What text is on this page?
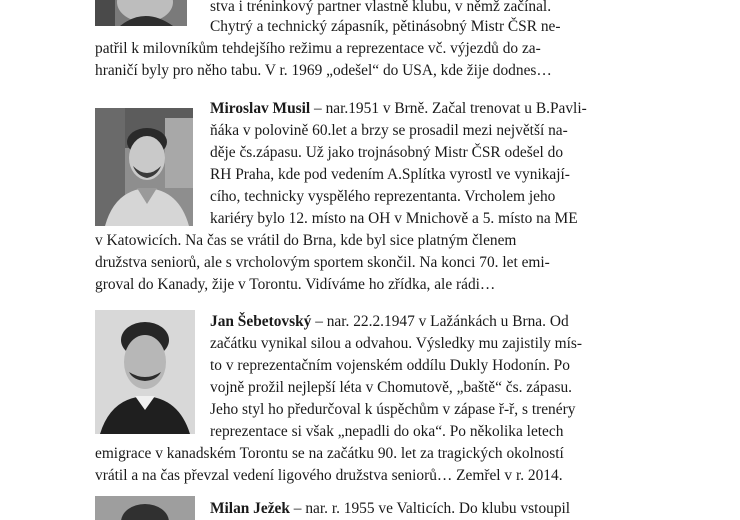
stva i tréninkový partner vlastně klubu, v němž začínal.
Chytrý a technický zápasník, pětinásobný Mistr ČSR ne-
patřil k milovníkům tehdejšího režimu a reprezentace vč. výjezdů do za-
hraničí byly pro něho tabu. V r. 1969 „odešel“ do USA, kde žije dodnes…
Miroslav Musil – nar.1951 v Brně. Začal trenovat u B.Pavli-
ňáka v polovině 60.let a brzy se prosadil mezi největší na-
děje čs.zápasu. Už jako trojnásobný Mistr ČSR odešel do
RH Praha, kde pod vedením A.Splítka vyrostl ve vynikají-
cího, technicky vyspělého reprezentanta. Vrcholem jeho
kariéry bylo 12. místo na OH v Mnichově a 5. místo na ME
v Katowicích. Na čas se vrátil do Brna, kde byl sice platným členem
družstva seniorů, ale s vrcholovým sportem skončil. Na konci 70. let emi-
groval do Kanady, žije v Torontu. Vidíváme ho zřídka, ale rádi…
Jan Šebetovský – nar. 22.2.1947 v Lažánkách u Brna. Od
začátku vynikal silou a odvahou. Výsledky mu zajistily mís-
to v reprezentačním vojenském oddílu Dukly Hodonín. Po
vojně prožil nejlepší léta v Chomutově, „baště“ čs. zápasu.
Jeho styl ho předurčoval k úspěchům v zápase ř-ř, s trenéry
reprezentace si však „nepadli do oka“. Po několika letech
emigrace v kanadském Torontu se na začátku 90. let za tragických okolností
vrátil a na čas převzal vedení ligového družstva seniorů… Zemřel v r. 2014.
Milan Ježek – nar. r. 1955 ve Valticích. Do klubu vstoupil
